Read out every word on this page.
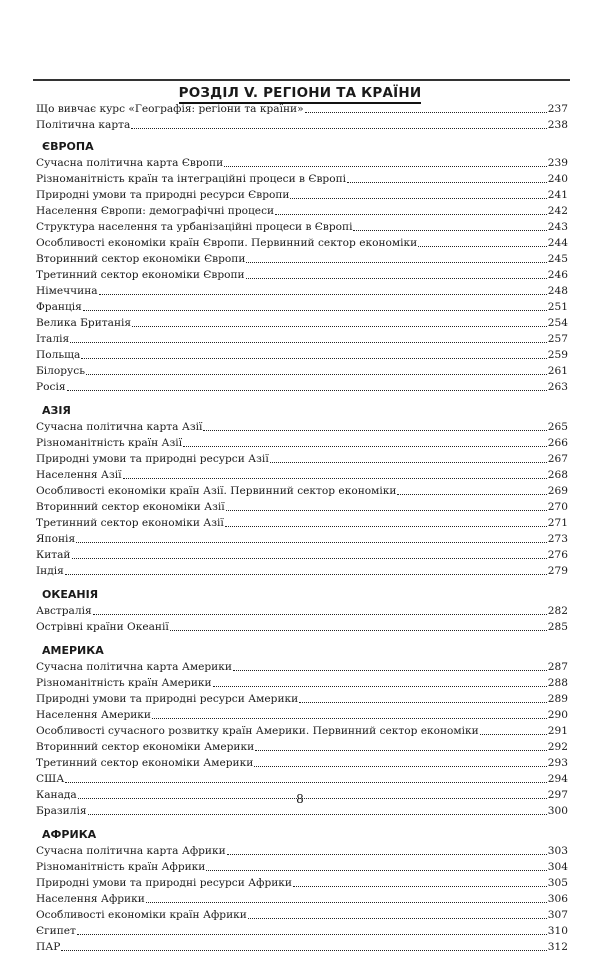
РОЗДІЛ V. РЕГІОНИ ТА КРАЇНИ
Що вивчає курс «Географія: регіони та країни»	237
Політична карта	238
ЄВРОПА
Сучасна політична карта Європи	239
Різноманітність країн та інтеграційні процеси в Європі	240
Природні умови та природні ресурси Європи	241
Населення Європи: демографічні процеси	242
Структура населення та урбанізаційні процеси в Європі	243
Особливості економіки країн Європи. Первинний сектор економіки	244
Вторинний сектор економіки Європи	245
Третинний сектор економіки Європи	246
Німеччина	248
Франція	251
Велика Британія	254
Італія	257
Польща	259
Білорусь	261
Росія	263
АЗІЯ
Сучасна політична карта Азії	265
Різноманітність країн Азії	266
Природні умови та природні ресурси Азії	267
Населення Азії	268
Особливості економіки країн Азії. Первинний сектор економіки	269
Вторинний сектор економіки Азії	270
Третинний сектор економіки Азії	271
Японія	273
Китай	276
Індія	279
ОКЕАНІЯ
Австралія	282
Острівні країни Океанії	285
АМЕРИКА
Сучасна політична карта Америки	287
Різноманітність країн Америки	288
Природні умови та природні ресурси Америки	289
Населення Америки	290
Особливості сучасного розвитку країн Америки. Первинний сектор економіки	291
Вторинний сектор економіки Америки	292
Третинний сектор економіки Америки	293
США	294
Канада	297
Бразилія	300
АФРИКА
Сучасна політична карта Африки	303
Різноманітність країн Африки	304
Природні умови та природні ресурси Африки	305
Населення Африки	306
Особливості економіки країн Африки	307
Єгипет	310
ПАР	312
8
